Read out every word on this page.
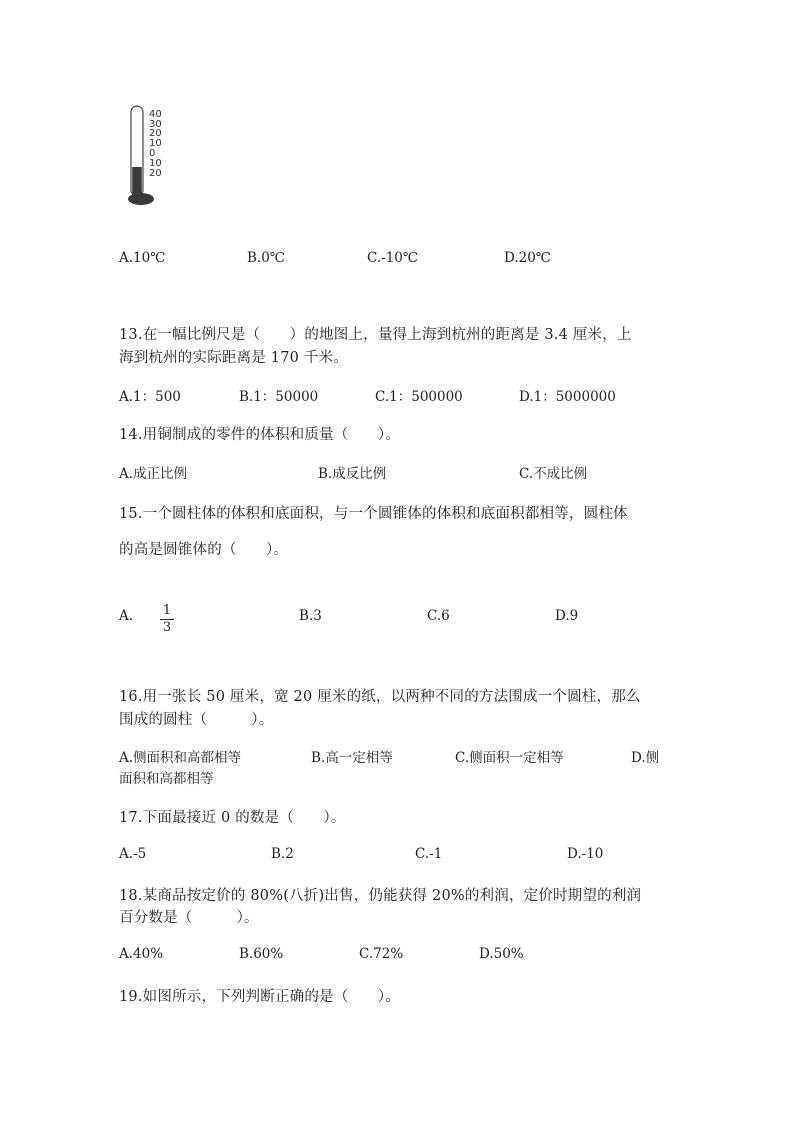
40
30
20
10
0
10
20
A.10℃	B.0℃	C.-10℃	D.20℃
13.在一幅比例尺是（　　）的地图上，量得上海到杭州的距离是 3.4 厘米，上
海到杭州的实际距离是 170 千米。
A.1：500	B.1：50000	C.1：500000	D.1：5000000
14.用铜制成的零件的体积和质量（　　）。
A.成正比例	B.成反比例	C.不成比例
15.一个圆柱体的体积和底面积，与一个圆锥体的体积和底面积都相等，圆柱体
的高是圆锥体的（　　）。
A. 1
3
B.3	C.6	D.9
16.用一张长 50 厘米，宽 20 厘米的纸，以两种不同的方法围成一个圆柱，那么
围成的圆柱（　　　）。
A.侧面积和高都相等	B.高一定相等	C.侧面积一定相等	D.侧
面积和高都相等
17.下面最接近 0 的数是（　　）。
A.-5	B.2	C.-1	D.-10
18.某商品按定价的 80%(八折)出售，仍能获得 20%的利润，定价时期望的利润
百分数是（　　　）。
A.40%	B.60%	C.72%	D.50%
19.如图所示，下列判断正确的是（　　）。
